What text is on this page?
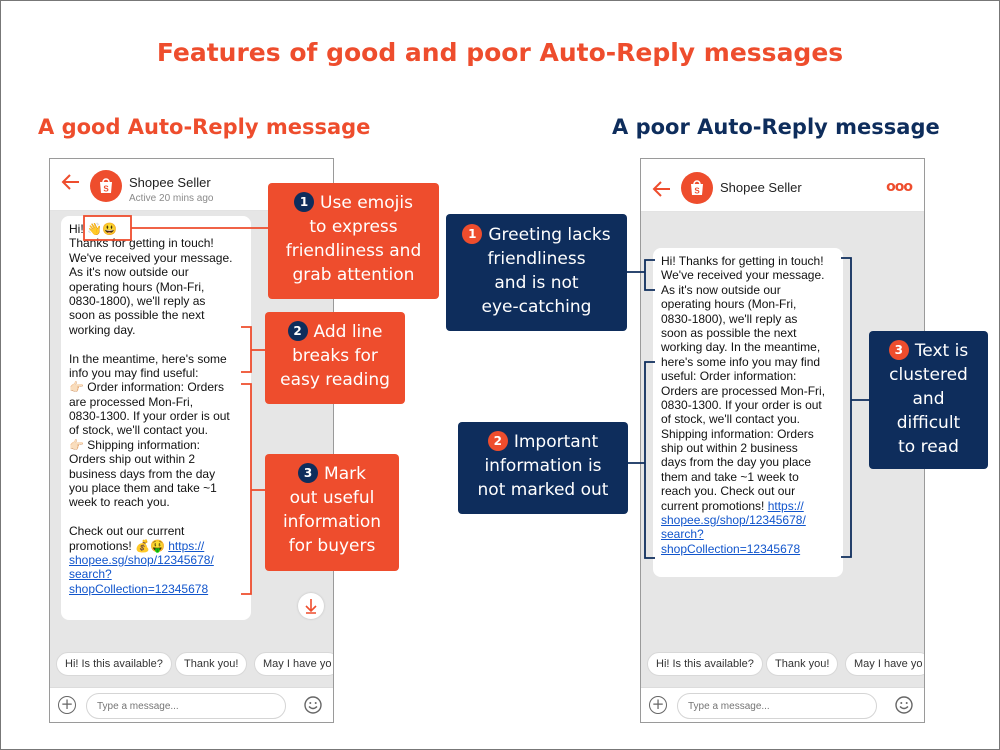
Features of good and poor Auto-Reply messages
A good Auto-Reply message	A poor Auto-Reply message
S Shopee Seller
Active 20 mins ago
Hi! 👋😃
Thanks for getting in touch!
We've received your message.
As it's now outside our
operating hours (Mon-Fri,
0830-1800), we'll reply as
soon as possible the next
working day.
In the meantime, here's some
info you may find useful:
👉🏻 Order information: Orders
are processed Mon-Fri,
0830-1300. If your order is out
of stock, we'll contact you.
👉🏻 Shipping information:
Orders ship out within 2
business days from the day
you place them and take ~1
week to reach you.
Check out our current
promotions! 💰🤑 https://
shopee.sg/shop/12345678/
search?
shopCollection=12345678
Hi! Is this available?	Thank you!	May I have yo
+
Type a message...
S Shopee Seller	ooo
Hi! Thanks for getting in touch!
We've received your message.
As it's now outside our
operating hours (Mon-Fri,
0830-1800), we'll reply as
soon as possible the next
working day. In the meantime,
here's some info you may find
useful: Order information:
Orders are processed Mon-Fri,
0830-1300. If your order is out
of stock, we'll contact you.
Shipping information: Orders
ship out within 2 business
days from the day you place
them and take ~1 week to
reach you. Check out our
current promotions! https://
shopee.sg/shop/12345678/
search?
shopCollection=12345678
Hi! Is this available?	Thank you!	May I have yo
+
Type a message...
1 Use emojis
to express
friendliness and
grab attention
2 Add line
breaks for
easy reading
3 Mark
out useful
information
for buyers
1 Greeting lacks
friendliness
and is not
eye-catching
2 Important
information is
not marked out
3 Text is
clustered
and
difficult
to read
